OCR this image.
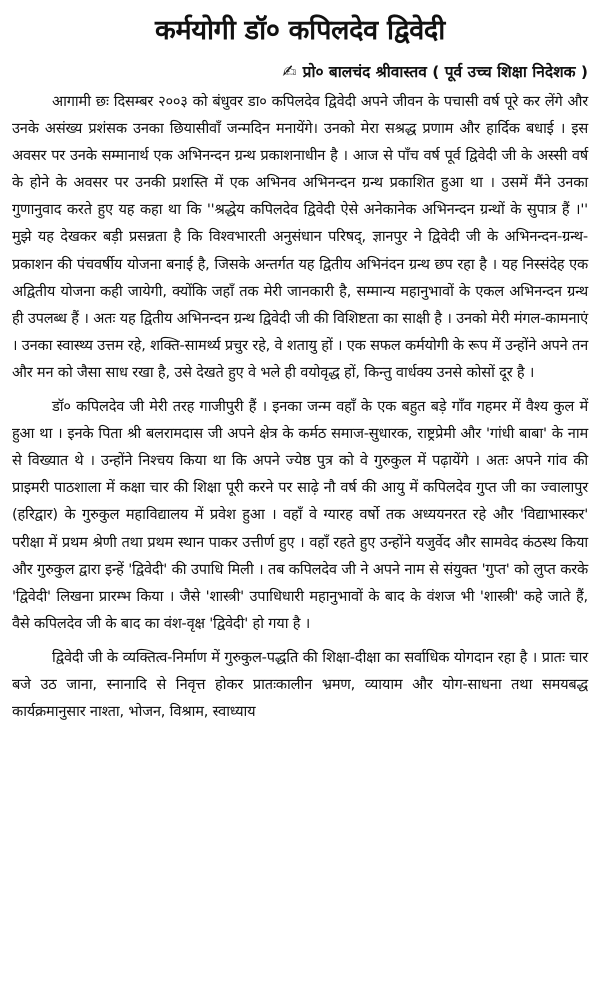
कर्मयोगी डॉ० कपिलदेव द्विवेदी
✍ प्रो० बालचंद श्रीवास्तव ( पूर्व उच्च शिक्षा निदेशक )

आगामी छः दिसम्बर २००३ को बंधुवर डा० कपिलदेव द्विवेदी अपने जीवन के पचासी वर्ष पूरे कर लेंगे और उनके असंख्य प्रशंसक उनका छियासीवाँ जन्मदिन मनायेंगे। उनको मेरा सश्रद्ध प्रणाम और हार्दिक बधाई । इस अवसर पर उनके सम्मानार्थ एक अभिनन्दन ग्रन्थ प्रकाशनाधीन है । आज से पाँच वर्ष पूर्व द्विवेदी जी के अस्सी वर्ष के होने के अवसर पर उनकी प्रशस्ति में एक अभिनव अभिनन्दन ग्रन्थ प्रकाशित हुआ था । उसमें मैंने उनका गुणानुवाद करते हुए यह कहा था कि ''श्रद्धेय कपिलदेव द्विवेदी ऐसे अनेकानेक अभिनन्दन ग्रन्थों के सुपात्र हैं ।'' मुझे यह देखकर बड़ी प्रसन्नता है कि विश्वभारती अनुसंधान परिषद्, ज्ञानपुर ने द्विवेदी जी के अभिनन्दन-ग्रन्थ-प्रकाशन की पंचवर्षीय योजना बनाई है, जिसके अन्तर्गत यह द्वितीय अभिनंदन ग्रन्थ छप रहा है । यह निस्संदेह एक अद्वितीय योजना कही जायेगी, क्योंकि जहाँ तक मेरी जानकारी है, सम्मान्य महानुभावों के एकल अभिनन्दन ग्रन्थ ही उपलब्ध हैं । अतः यह द्वितीय अभिनन्दन ग्रन्थ द्विवेदी जी की विशिष्टता का साक्षी है । उनको मेरी मंगल-कामनाएं । उनका स्वास्थ्य उत्तम रहे, शक्ति-सामर्थ्य प्रचुर रहे, वे शतायु हों । एक सफल कर्मयोगी के रूप में उन्होंने अपने तन और मन को जैसा साध रखा है, उसे देखते हुए वे भले ही वयोवृद्ध हों, किन्तु वार्धक्य उनसे कोसों दूर है ।

डॉ० कपिलदेव जी मेरी तरह गाजीपुरी हैं । इनका जन्म वहाँ के एक बहुत बड़े गाँव गहमर में वैश्य कुल में हुआ था । इनके पिता श्री बलरामदास जी अपने क्षेत्र के कर्मठ समाज-सुधारक, राष्ट्रप्रेमी और 'गांधी बाबा' के नाम से विख्यात थे । उन्होंने निश्चय किया था कि अपने ज्येष्ठ पुत्र को वे गुरुकुल में पढ़ायेंगे । अतः अपने गांव की प्राइमरी पाठशाला में कक्षा चार की शिक्षा पूरी करने पर साढ़े नौ वर्ष की आयु में कपिलदेव गुप्त जी का ज्वालापुर (हरिद्वार) के गुरुकुल महाविद्यालय में प्रवेश हुआ । वहाँ वे ग्यारह वर्षो तक अध्ययनरत रहे और 'विद्याभास्कर' परीक्षा में प्रथम श्रेणी तथा प्रथम स्थान पाकर उत्तीर्ण हुए । वहाँ रहते हुए उन्होंने यजुर्वेद और सामवेद कंठस्थ किया और गुरुकुल द्वारा इन्हें 'द्विवेदी' की उपाधि मिली । तब कपिलदेव जी ने अपने नाम से संयुक्त 'गुप्त' को लुप्त करके 'द्विवेदी' लिखना प्रारम्भ किया । जैसे 'शास्त्री' उपाधिधारी महानुभावों के बाद के वंशज भी 'शास्त्री' कहे जाते हैं, वैसे कपिलदेव जी के बाद का वंश-वृक्ष 'द्विवेदी' हो गया है ।

द्विवेदी जी के व्यक्तित्व-निर्माण में गुरुकुल-पद्धति की शिक्षा-दीक्षा का सर्वाधिक योगदान रहा है । प्रातः चार बजे उठ जाना, स्नानादि से निवृत्त होकर प्रातःकालीन भ्रमण, व्यायाम और योग-साधना तथा समयबद्ध कार्यक्रमानुसार नाश्ता, भोजन, विश्राम, स्वाध्याय
